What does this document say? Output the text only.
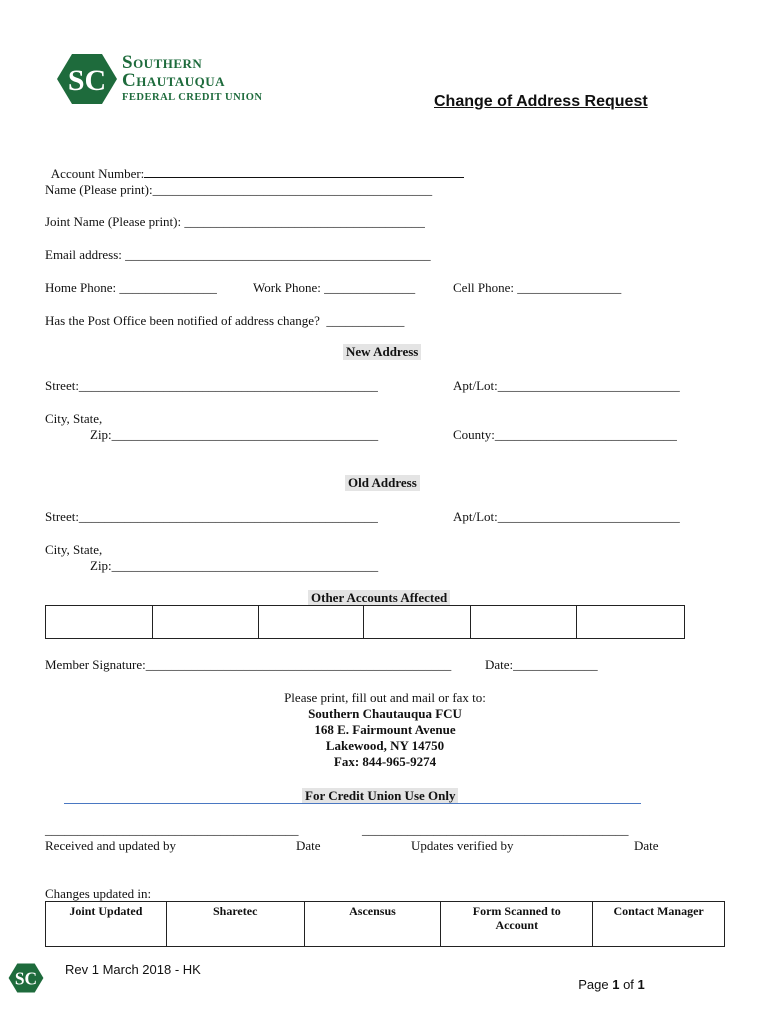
SC
Southern
Chautauqua
FEDERAL CREDIT UNION	Change of Address Request

Account Number:

Name (Please print):___________________________________________
Joint Name (Please print): _____________________________________
Email address: _______________________________________________
Home Phone: _______________	Work Phone: ______________	Cell Phone: ________________
Has the Post Office been notified of address change?  ____________
New Address
Street:______________________________________________	Apt/Lot:____________________________
City, State,
Zip:_________________________________________	County:____________________________
Old Address
Street:______________________________________________	Apt/Lot:____________________________
City, State,
Zip:_________________________________________
Other Accounts Affected

Member Signature:_______________________________________________	Date:_____________
Please print, fill out and mail or fax to:
Southern Chautauqua FCU
168 E. Fairmount Avenue
Lakewood, NY 14750
Fax: 844-965-9274
For Credit Union Use Only
_______________________________________	_________________________________________
Received and updated by	Date	Updates verified by	Date
Changes updated in:
Joint Updated	Sharetec	Ascensus	Form Scanned to Account	Contact Manager
SC Rev 1 March 2018 - HK

Page 1 of 1
